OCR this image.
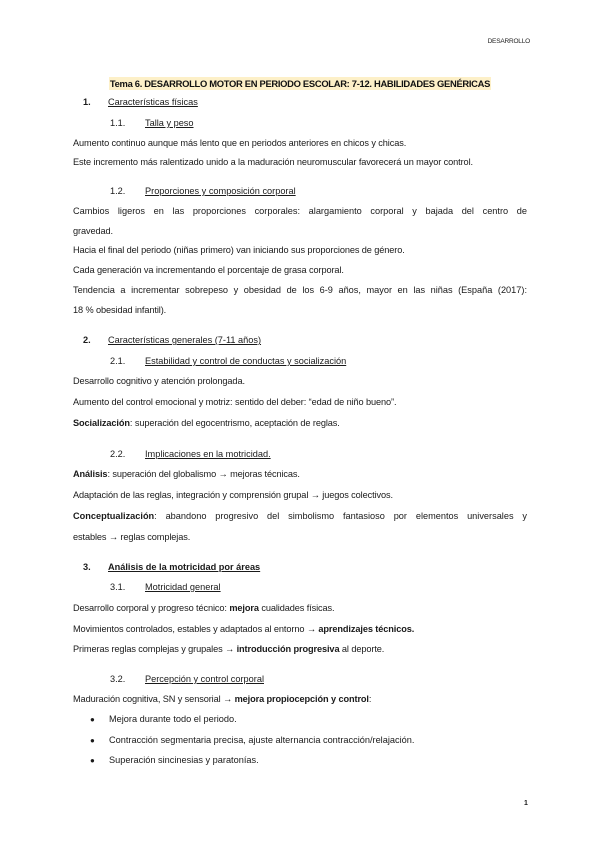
DESARROLLO
Tema 6. DESARROLLO MOTOR EN PERIODO ESCOLAR: 7-12. HABILIDADES GENÉRICAS
1. Características físicas
1.1. Talla y peso
Aumento continuo aunque más lento que en periodos anteriores en chicos y chicas.
Este incremento más ralentizado unido a la maduración neuromuscular favorecerá un mayor control.
1.2. Proporciones y composición corporal
Cambios ligeros en las proporciones corporales: alargamiento corporal y bajada del centro de
gravedad.
Hacia el final del periodo (niñas primero) van iniciando sus proporciones de género.
Cada generación va incrementando el porcentaje de grasa corporal.
Tendencia a incrementar sobrepeso y obesidad de los 6-9 años, mayor en las niñas (España (2017):
18 % obesidad infantil).
2. Características generales (7-11 años)
2.1. Estabilidad y control de conductas y socialización
Desarrollo cognitivo y atención prolongada.
Aumento del control emocional y motriz: sentido del deber: “edad de niño bueno”.
Socialización: superación del egocentrismo, aceptación de reglas.
2.2. Implicaciones en la motricidad.
Análisis: superación del globalismo → mejoras técnicas.
Adaptación de las reglas, integración y comprensión grupal → juegos colectivos.
Conceptualización: abandono progresivo del simbolismo fantasioso por elementos universales y
estables → reglas complejas.
3. Análisis de la motricidad por áreas
3.1. Motricidad general
Desarrollo corporal y progreso técnico: mejora cualidades físicas.
Movimientos controlados, estables y adaptados al entorno → aprendizajes técnicos.
Primeras reglas complejas y grupales → introducción progresiva al deporte.
3.2. Percepción y control corporal
Maduración cognitiva, SN y sensorial → mejora propiocepción y control:
● Mejora durante todo el periodo.
● Contracción segmentaria precisa, ajuste alternancia contracción/relajación.
● Superación sincinesias y paratonías.
1
